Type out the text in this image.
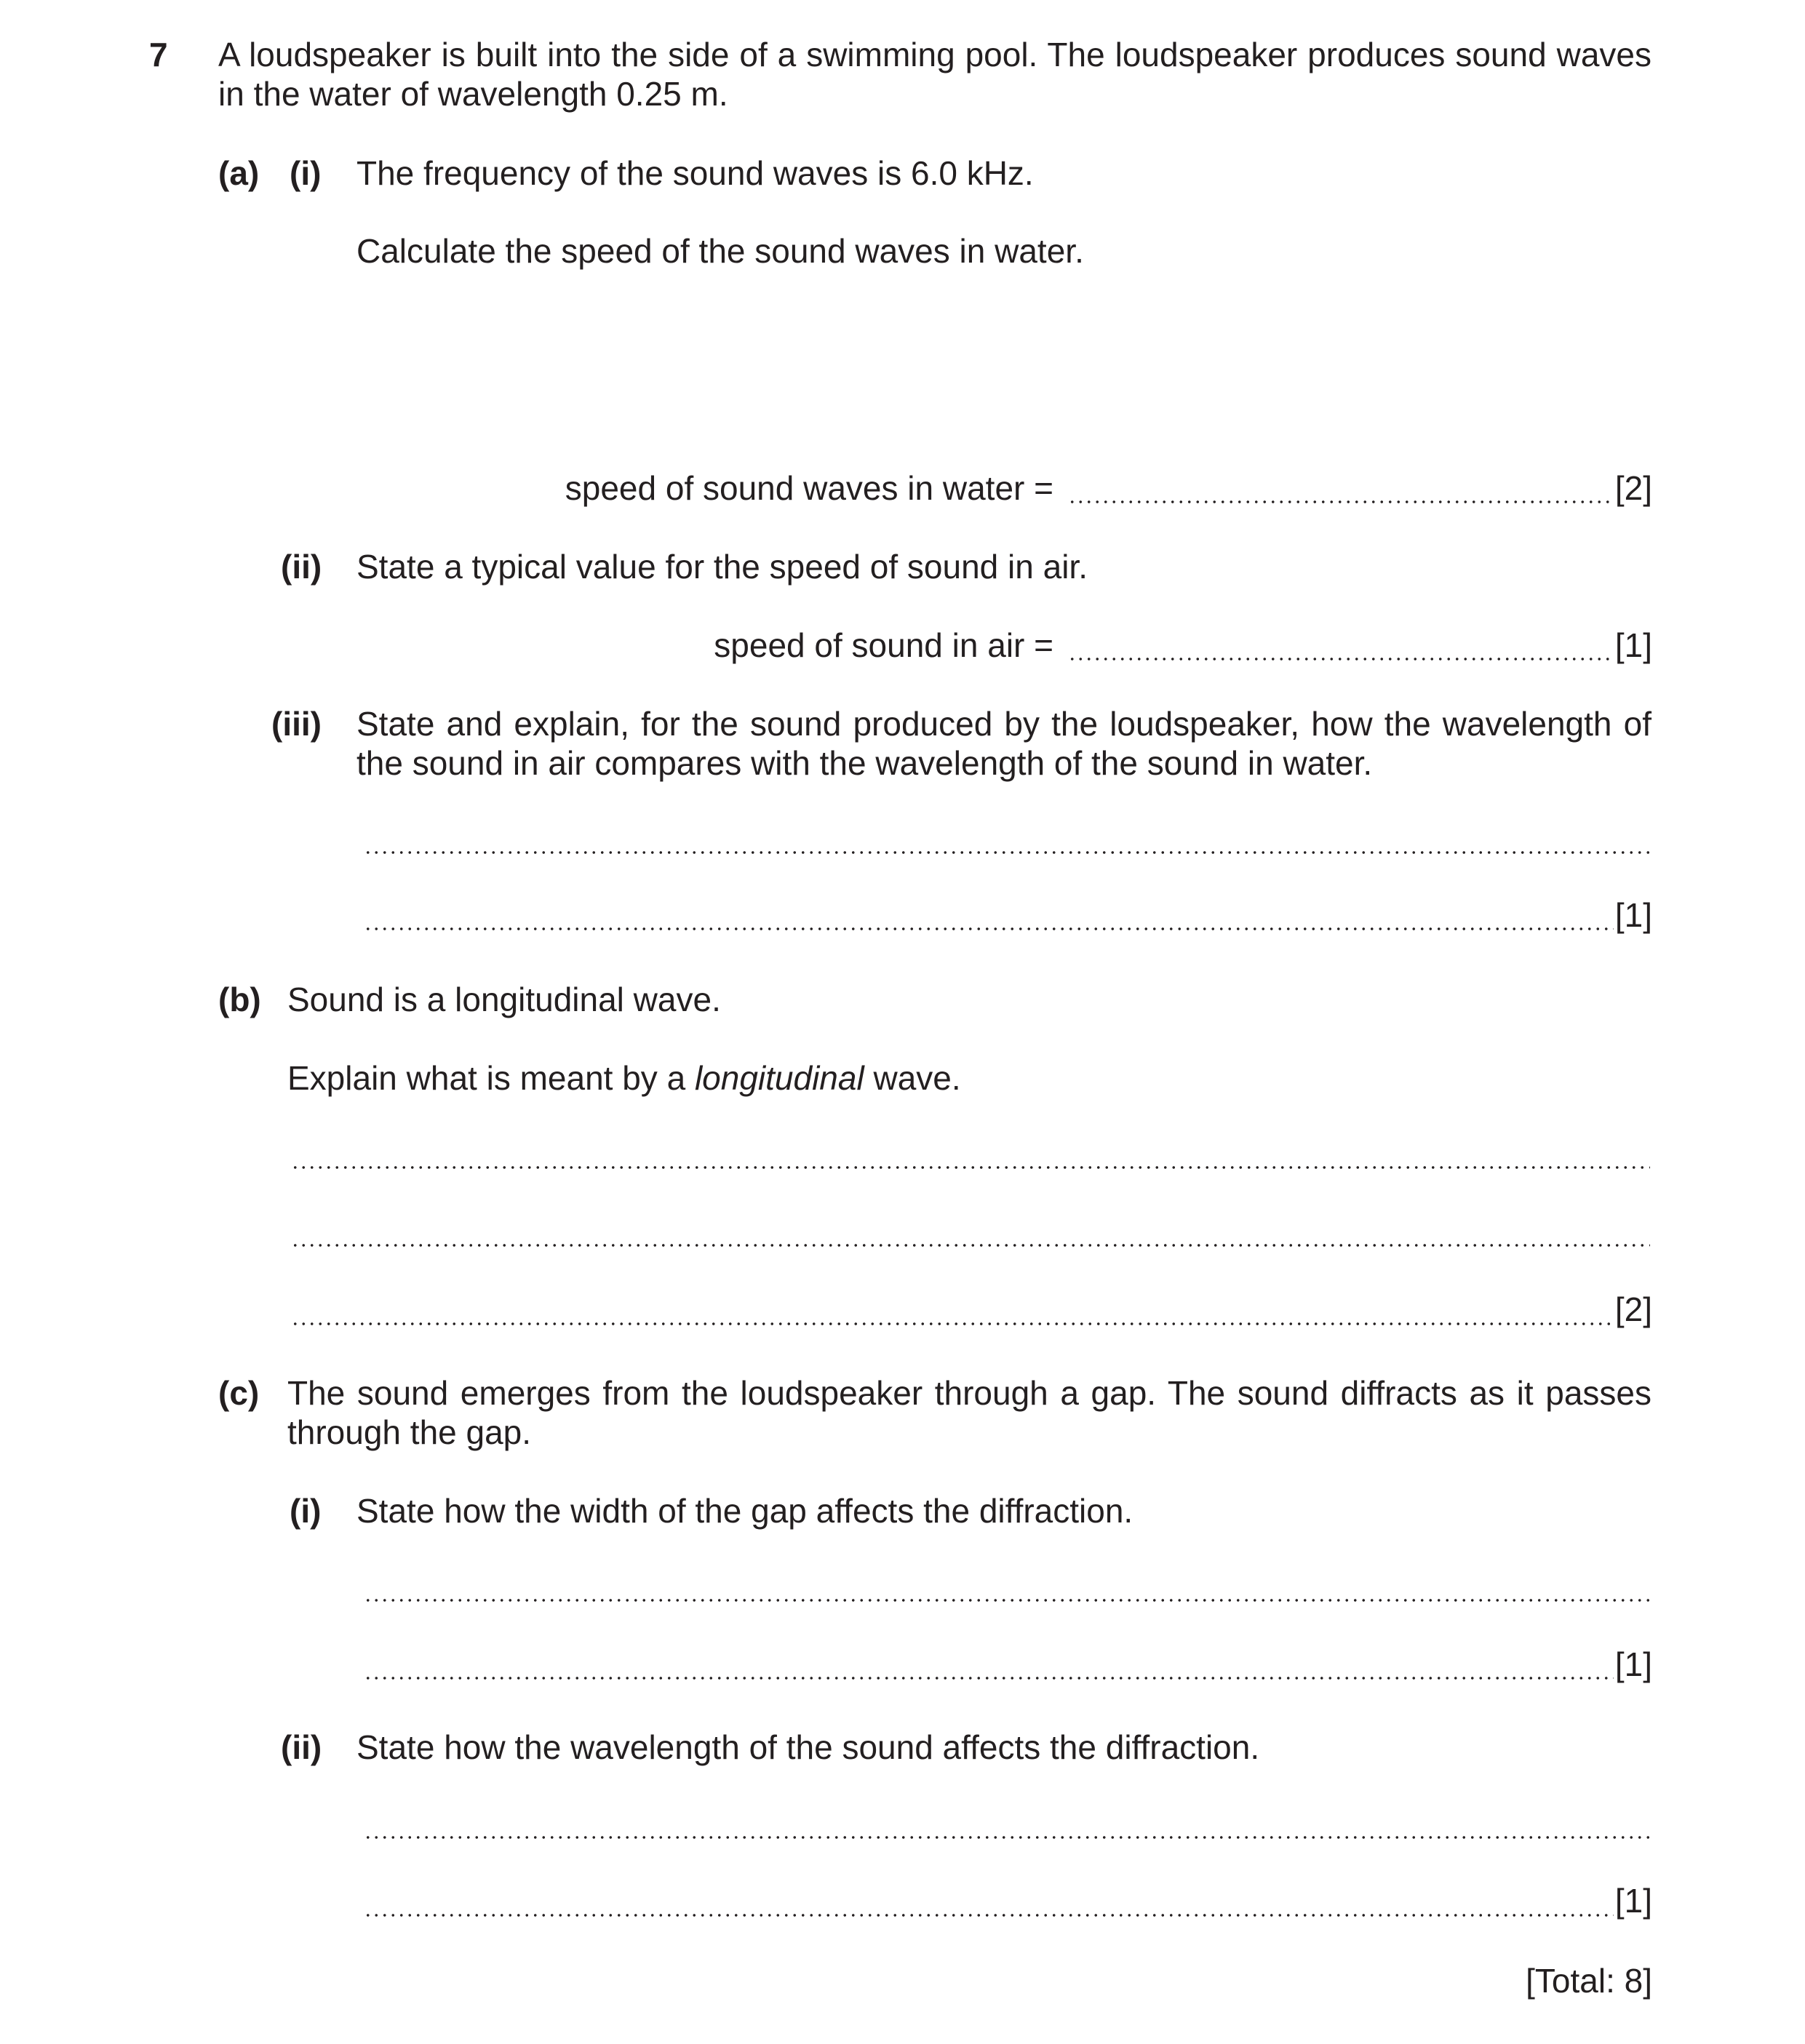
7 A loudspeaker is built into the side of a swimming pool. The loudspeaker produces sound waves in the water of wavelength 0.25 m.
(a) (i) The frequency of the sound waves is 6.0 kHz.
Calculate the speed of the sound waves in water.
speed of sound waves in water =	[2]
(ii) State a typical value for the speed of sound in air.
speed of sound in air =	[1]
(iii) State and explain, for the sound produced by the loudspeaker, how the wavelength of the sound in air compares with the wavelength of the sound in water.
[1]
(b) Sound is a longitudinal wave.
Explain what is meant by a longitudinal wave.
[2]
(c) The sound emerges from the loudspeaker through a gap. The sound diffracts as it passes through the gap.
(i) State how the width of the gap affects the diffraction.
[1]
(ii) State how the wavelength of the sound affects the diffraction.
[1]
[Total: 8]
